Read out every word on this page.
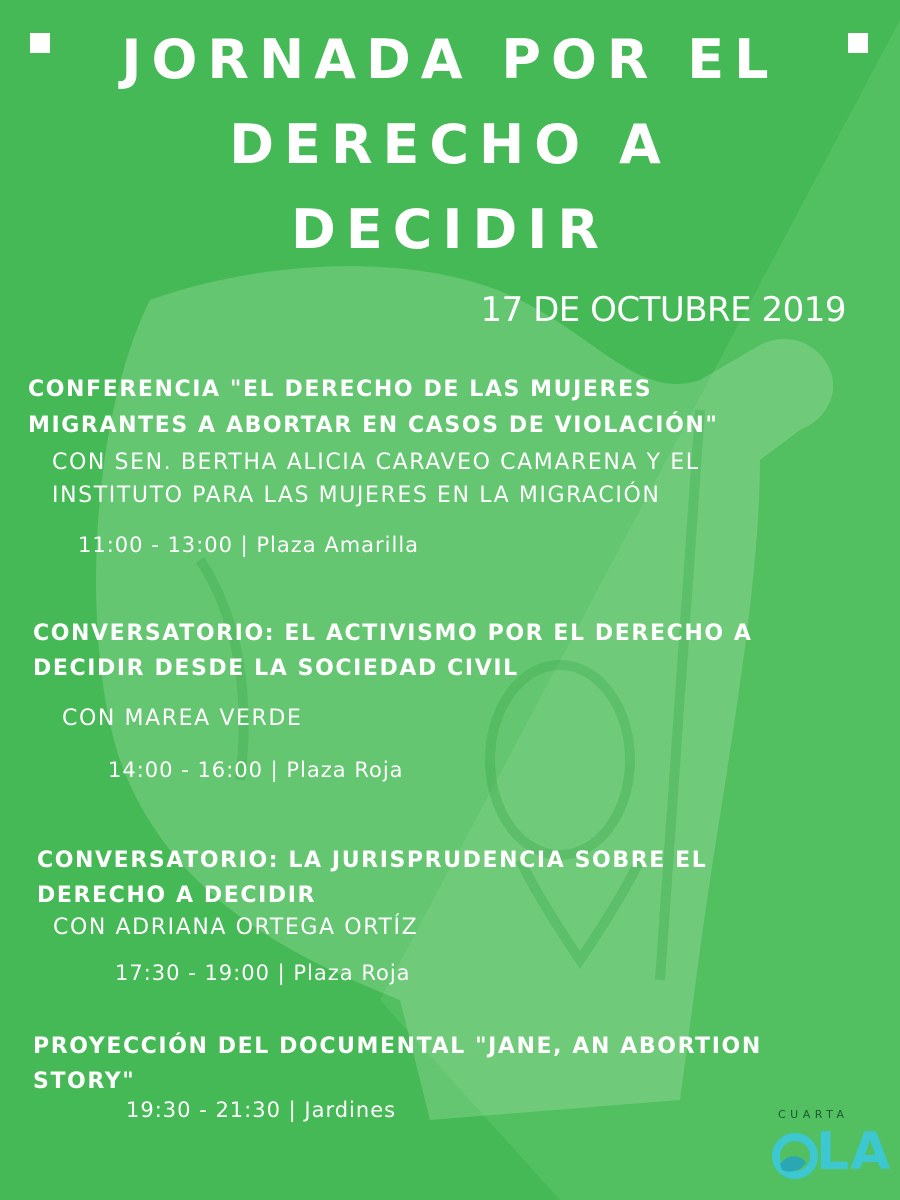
JORNADA POR EL
DERECHO A
DECIDIR
17 DE OCTUBRE 2019
CONFERENCIA "EL DERECHO DE LAS MUJERES
MIGRANTES A ABORTAR EN CASOS DE VIOLACIÓN"
CON SEN. BERTHA ALICIA CARAVEO CAMARENA Y EL
INSTITUTO PARA LAS MUJERES EN LA MIGRACIÓN
11:00 - 13:00 | Plaza Amarilla
CONVERSATORIO: EL ACTIVISMO POR EL DERECHO A
DECIDIR DESDE LA SOCIEDAD CIVIL
CON MAREA VERDE
14:00 - 16:00 | Plaza Roja
CONVERSATORIO: LA JURISPRUDENCIA SOBRE EL
DERECHO A DECIDIR
CON ADRIANA ORTEGA ORTÍZ
17:30 - 19:00 | Plaza Roja
PROYECCIÓN DEL DOCUMENTAL "JANE, AN ABORTION
STORY"
19:30 - 21:30 | Jardines	CUARTA
LA
